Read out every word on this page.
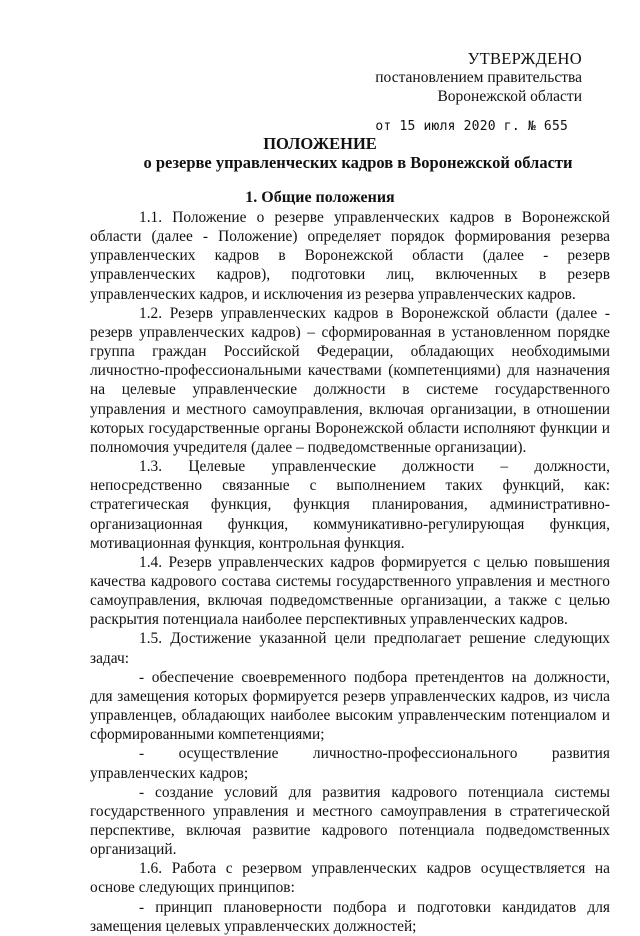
УТВЕРЖДЕНО
постановлением правительства
Воронежской области
от 15 июля 2020 г. № 655
ПОЛОЖЕНИЕ
о резерве управленческих кадров в Воронежской области
1. Общие положения

1.1. Положение о резерве управленческих кадров в Воронежской области (далее - Положение) определяет порядок формирования резерва управленческих кадров в Воронежской области (далее - резерв управленческих кадров), подготовки лиц, включенных в резерв управленческих кадров, и исключения из резерва управленческих кадров.

1.2. Резерв управленческих кадров в Воронежской области (далее - резерв управленческих кадров) – сформированная в установленном порядке группа граждан Российской Федерации, обладающих необходимыми личностно-профессиональными качествами (компетенциями) для назначения на целевые управленческие должности в системе государственного управления и местного самоуправления, включая организации, в отношении которых государственные органы Воронежской области исполняют функции и полномочия учредителя (далее – подведомственные организации).

1.3. Целевые управленческие должности – должности, непосредственно связанные с выполнением таких функций, как: стратегическая функция, функция планирования, административно-организационная функция, коммуникативно-регулирующая функция, мотивационная функция, контрольная функция.

1.4. Резерв управленческих кадров формируется с целью повышения качества кадрового состава системы государственного управления и местного самоуправления, включая подведомственные организации, а также с целью раскрытия потенциала наиболее перспективных управленческих кадров.

1.5. Достижение указанной цели предполагает решение следующих задач:

- обеспечение своевременного подбора претендентов на должности, для замещения которых формируется резерв управленческих кадров, из числа управленцев, обладающих наиболее высоким управленческим потенциалом и сформированными компетенциями;

- осуществление личностно-профессионального развития управленческих кадров;

- создание условий для развития кадрового потенциала системы государственного управления и местного самоуправления в стратегической перспективе, включая развитие кадрового потенциала подведомственных организаций.

1.6. Работа с резервом управленческих кадров осуществляется на основе следующих принципов:

- принцип плановерности подбора и подготовки кандидатов для замещения целевых управленческих должностей;
